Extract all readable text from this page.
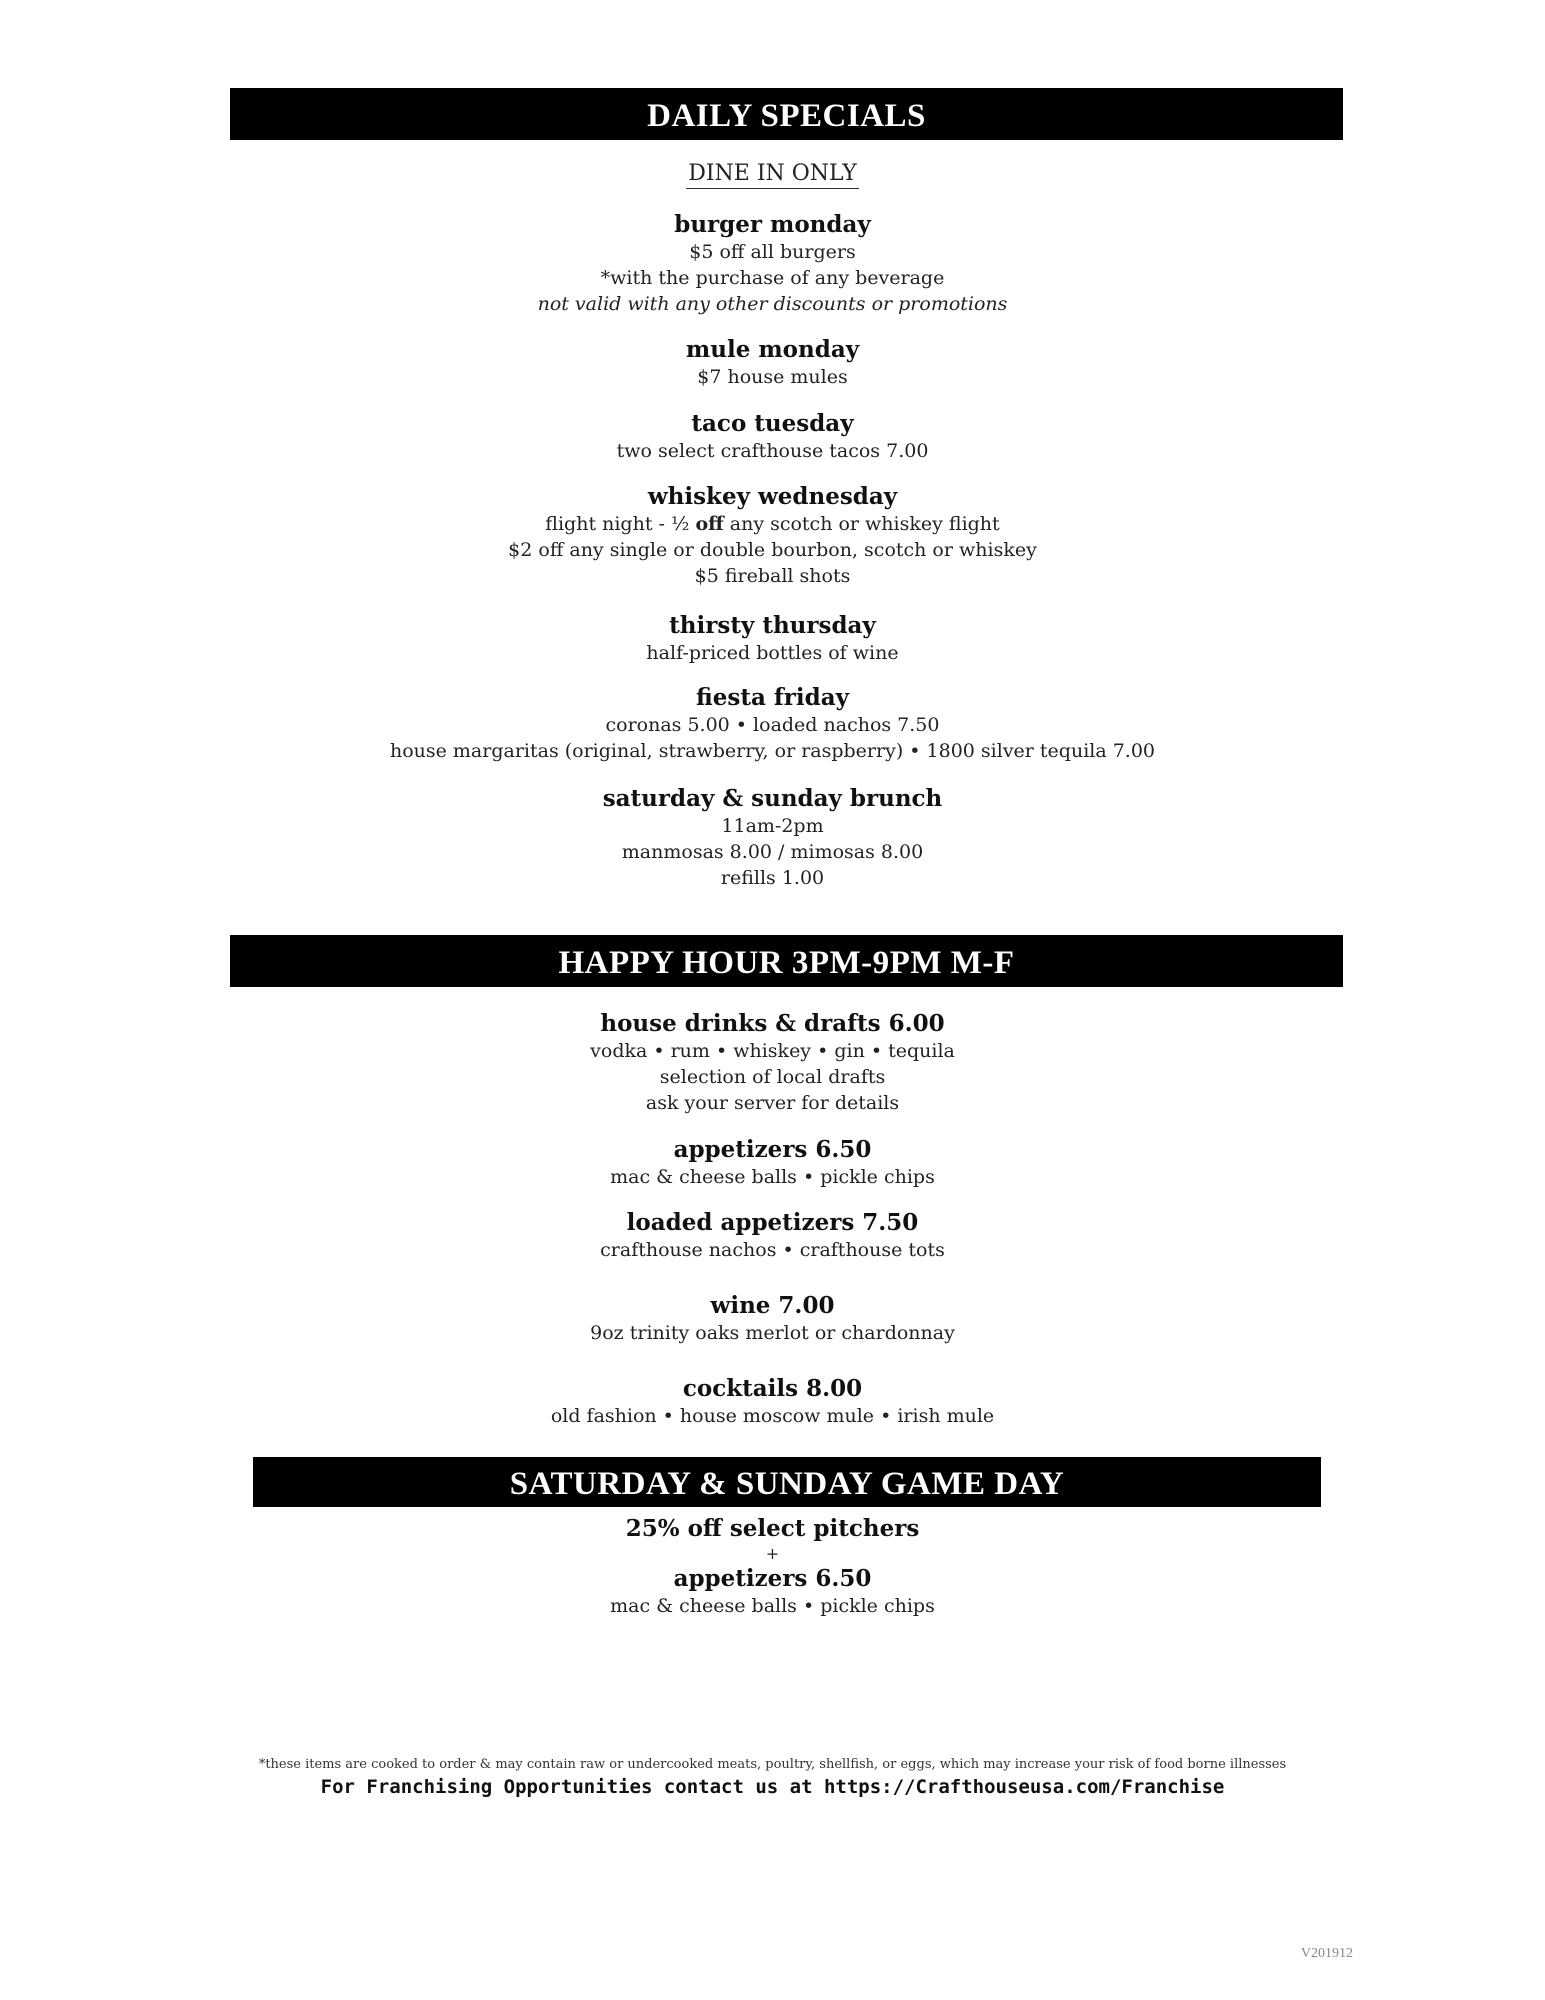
DAILY SPECIALS
DINE IN ONLY
burger monday
$5 off all burgers
*with the purchase of any beverage
not valid with any other discounts or promotions
mule monday
$7 house mules
taco tuesday
two select crafthouse tacos 7.00
whiskey wednesday
flight night - ½ off any scotch or whiskey flight
$2 off any single or double bourbon, scotch or whiskey
$5 fireball shots
thirsty thursday
half-priced bottles of wine
fiesta friday
coronas 5.00 • loaded nachos 7.50
house margaritas (original, strawberry, or raspberry) • 1800 silver tequila 7.00
saturday & sunday brunch
11am-2pm
manmosas 8.00 / mimosas 8.00
refills 1.00
HAPPY HOUR 3PM-9PM M-F
house drinks & drafts 6.00
vodka • rum • whiskey • gin • tequila
selection of local drafts
ask your server for details
appetizers 6.50
mac & cheese balls • pickle chips
loaded appetizers 7.50
crafthouse nachos • crafthouse tots
wine 7.00
9oz trinity oaks merlot or chardonnay
cocktails 8.00
old fashion • house moscow mule • irish mule
SATURDAY & SUNDAY GAME DAY
25% off select pitchers
+
appetizers 6.50
mac & cheese balls • pickle chips
*these items are cooked to order & may contain raw or undercooked meats, poultry, shellfish, or eggs, which may increase your risk of food borne illnesses
For Franchising Opportunities contact us at https://Crafthouseusa.com/Franchise
V201912
